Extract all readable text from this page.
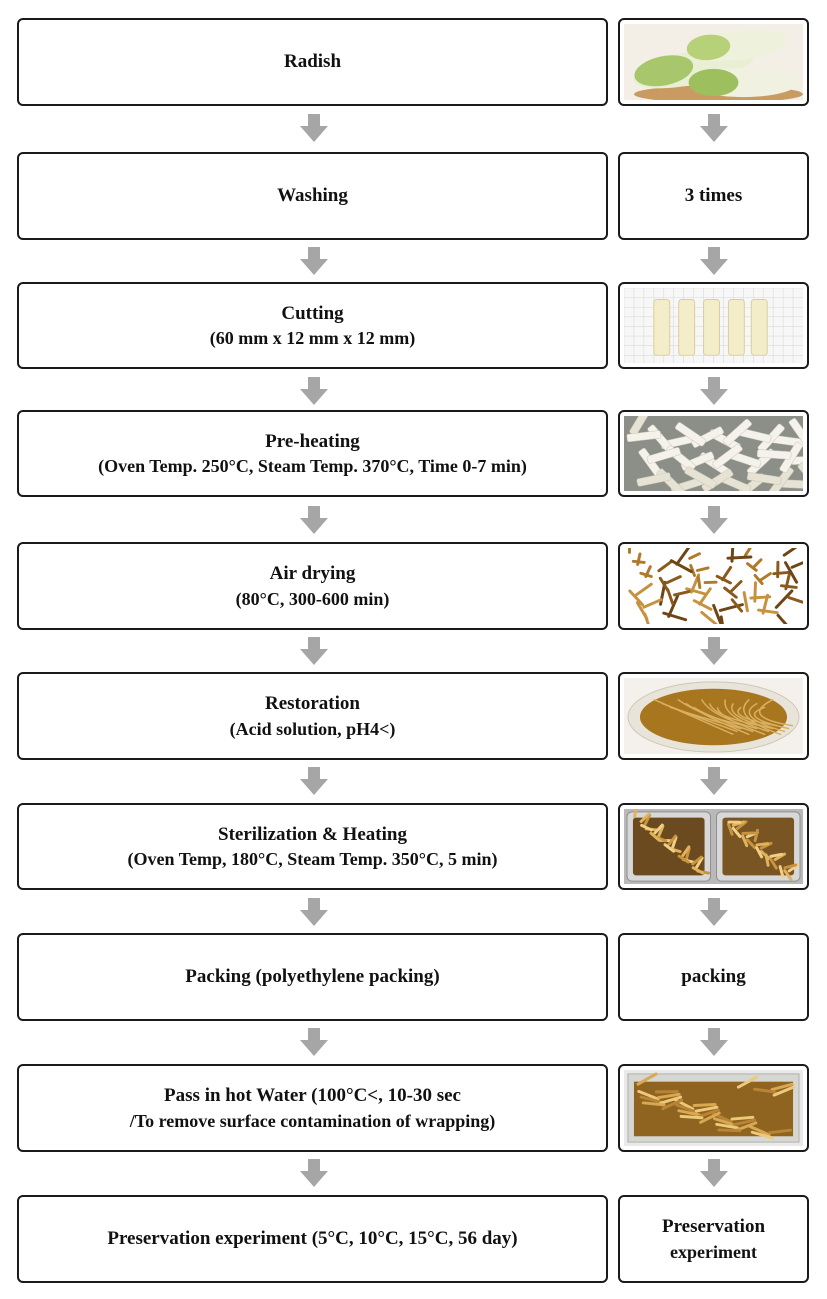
Radish
Washing	3 times
Cutting
(60 mm x 12 mm x 12 mm)
Pre-heating
(Oven Temp. 250°C, Steam Temp. 370°C, Time 0-7 min)
Air drying
(80°C, 300-600 min)
Restoration
(Acid solution, pH4<)
Sterilization & Heating
(Oven Temp, 180°C, Steam Temp. 350°C, 5 min)
Packing (polyethylene packing)	packing
Pass in hot Water (100°C<, 10-30 sec
/To remove surface contamination of wrapping)
Preservation experiment (5°C, 10°C, 15°C, 56 day)
Preservation
experiment
